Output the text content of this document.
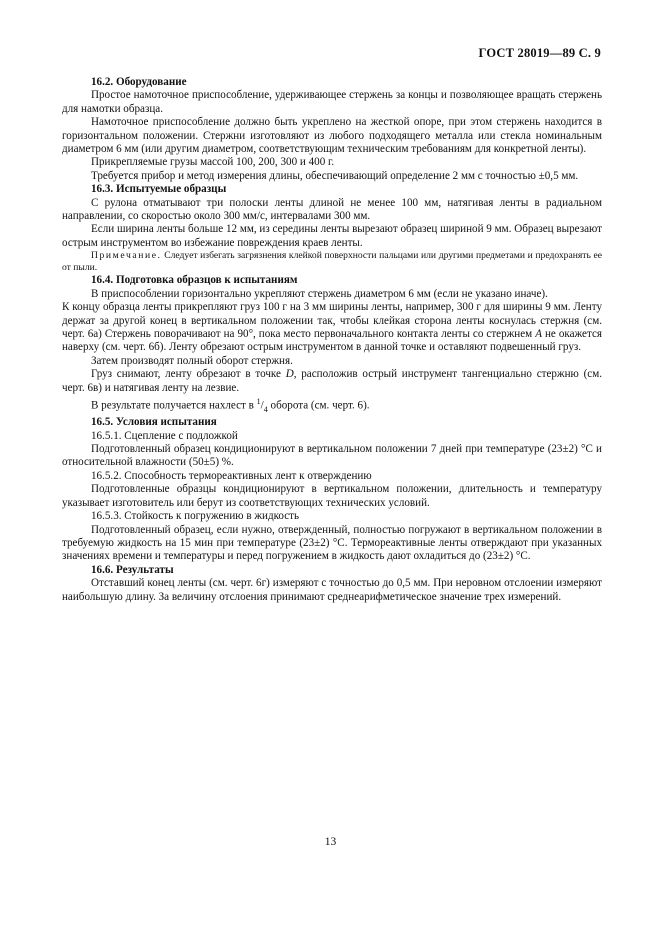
ГОСТ 28019—89 С. 9

16.2. Оборудование

Простое намоточное приспособление, удерживающее стержень за концы и позволяющее вращать стержень для намотки образца.

Намоточное приспособление должно быть укреплено на жесткой опоре, при этом стержень находится в горизонтальном положении. Стержни изготовляют из любого подходящего металла или стекла номинальным диаметром 6 мм (или другим диаметром, соответствующим техническим требованиям для конкретной ленты).

Прикрепляемые грузы массой 100, 200, 300 и 400 г.

Требуется прибор и метод измерения длины, обеспечивающий определение 2 мм с точностью ±0,5 мм.

16.3. Испытуемые образцы

С рулона отматывают три полоски ленты длиной не менее 100 мм, натягивая ленты в радиальном направлении, со скоростью около 300 мм/с, интервалами 300 мм.

Если ширина ленты больше 12 мм, из середины ленты вырезают образец шириной 9 мм. Образец вырезают острым инструментом во избежание повреждения краев ленты.

Примечание. Следует избегать загрязнения клейкой поверхности пальцами или другими предметами и предохранять ее от пыли.

16.4. Подготовка образцов к испытаниям

В приспособлении горизонтально укрепляют стержень диаметром 6 мм (если не указано иначе).

К концу образца ленты прикрепляют груз 100 г на 3 мм ширины ленты, например, 300 г для ширины 9 мм. Ленту держат за другой конец в вертикальном положении так, чтобы клейкая сторона ленты коснулась стержня (см. черт. 6а) Стержень поворачивают на 90°, пока место первоначального контакта ленты со стержнем А не окажется наверху (см. черт. 6б). Ленту обрезают острым инструментом в данной точке и оставляют подвешенный груз.

Затем производят полный оборот стержня.

Груз снимают, ленту обрезают в точке D, расположив острый инструмент тангенциально стержню (см. черт. 6в) и натягивая ленту на лезвие.

В результате получается нахлест в $^1/_4$ оборота (см. черт. 6).

16.5. Условия испытания

16.5.1. Сцепление с подложкой

Подготовленный образец кондиционируют в вертикальном положении 7 дней при температуре (23±2) °С и относительной влажности (50±5) %.

16.5.2. Способность термореактивных лент к отверждению

Подготовленные образцы кондиционируют в вертикальном положении, длительность и температуру указывает изготовитель или берут из соответствующих технических условий.

16.5.3. Стойкость к погружению в жидкость

Подготовленный образец, если нужно, отвержденный, полностью погружают в вертикальном положении в требуемую жидкость на 15 мин при температуре (23±2) °С. Термореактивные ленты отверждают при указанных значениях времени и температуры и перед погружением в жидкость дают охладиться до (23±2) °С.

16.6. Результаты

Отставший конец ленты (см. черт. 6г) измеряют с точностью до 0,5 мм. При неровном отслоении измеряют наибольшую длину. За величину отслоения принимают среднеарифметическое значение трех измерений.

13
